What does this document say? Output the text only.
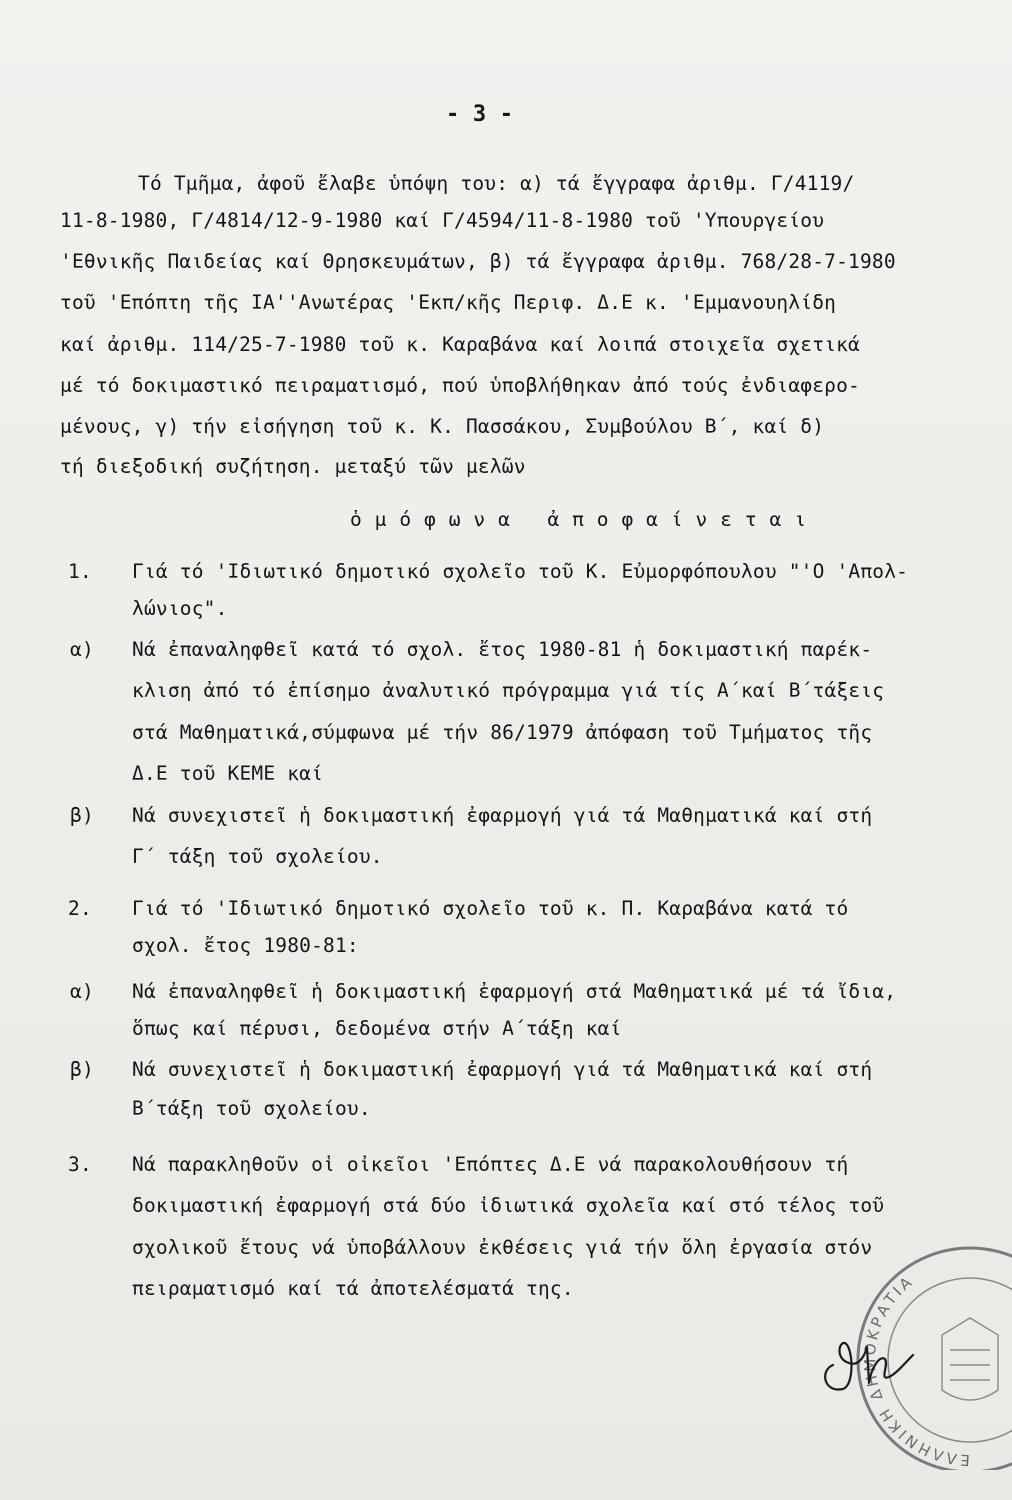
- 3 -
Τό Τμῆμα, ἀφοῦ ἔλαβε ὑπόψη του: α) τά ἔγγραφα ἀριθμ. Γ/4119/
11-8-1980, Γ/4814/12-9-1980 καί Γ/4594/11-8-1980 τοῦ 'Υπουργείου
'Εθνικῆς Παιδείας καί Θρησκευμάτων, β) τά ἔγγραφα ἀριθμ. 768/28-7-1980
τοῦ 'Επόπτη τῆς ΙΑ''Ανωτέρας 'Εκπ/κῆς Περιφ. Δ.Ε κ. 'Εμμανουηλίδη
καί ἀριθμ. 114/25-7-1980 τοῦ κ. Καραβάνα καί λοιπά στοιχεῖα σχετικά
μέ τό δοκιμαστικό πειραματισμό, πού ὑποβλήθηκαν ἀπό τούς ἐνδιαφερο-
μένους, γ) τήν εἰσήγηση τοῦ κ. Κ. Πασσάκου, Συμβούλου Β΄, καί δ)
τή διεξοδική συζήτηση. μεταξύ τῶν μελῶν
ὁ μ ό φ ω ν α   ἀ π ο φ α ί ν ε τ α ι
1. Γιά τό 'Ιδιωτικό δημοτικό σχολεῖο τοῦ Κ. Εὐμορφόπουλου "'Ο 'Απολ-
λώνιος".
α) Νά ἐπαναληφθεῖ κατά τό σχολ. ἔτος 1980-81 ἡ δοκιμαστική παρέκ-
κλιση ἀπό τό ἐπίσημο ἀναλυτικό πρόγραμμα γιά τίς Α΄καί Β΄τάξεις
στά Μαθηματικά,σύμφωνα μέ τήν 86/1979 ἀπόφαση τοῦ Τμήματος τῆς
Δ.Ε τοῦ ΚΕΜΕ καί
β) Νά συνεχιστεῖ ἡ δοκιμαστική ἐφαρμογή γιά τά Μαθηματικά καί στή
Γ΄ τάξη τοῦ σχολείου.
2. Γιά τό 'Ιδιωτικό δημοτικό σχολεῖο τοῦ κ. Π. Καραβάνα κατά τό
σχολ. ἔτος 1980-81:
α) Νά ἐπαναληφθεῖ ἡ δοκιμαστική ἐφαρμογή στά Μαθηματικά μέ τά ἴδια,
ὅπως καί πέρυσι, δεδομένα στήν Α΄τάξη καί
β) Νά συνεχιστεῖ ἡ δοκιμαστική ἐφαρμογή γιά τά Μαθηματικά καί στή
Β΄τάξη τοῦ σχολείου.
3. Νά παρακληθοῦν οἱ οἰκεῖοι 'Επόπτες Δ.Ε νά παρακολουθήσουν τή
δοκιμαστική ἐφαρμογή στά δύο ἰδιωτικά σχολεῖα καί στό τέλος τοῦ
σχολικοῦ ἔτους νά ὑποβάλλουν ἐκθέσεις γιά τήν ὅλη ἐργασία στόν
πειραματισμό καί τά ἀποτελέσματά της.
ΕΛΛΗΝΙΚΗ ΔΗΜΟΚΡΑΤΙΑ
